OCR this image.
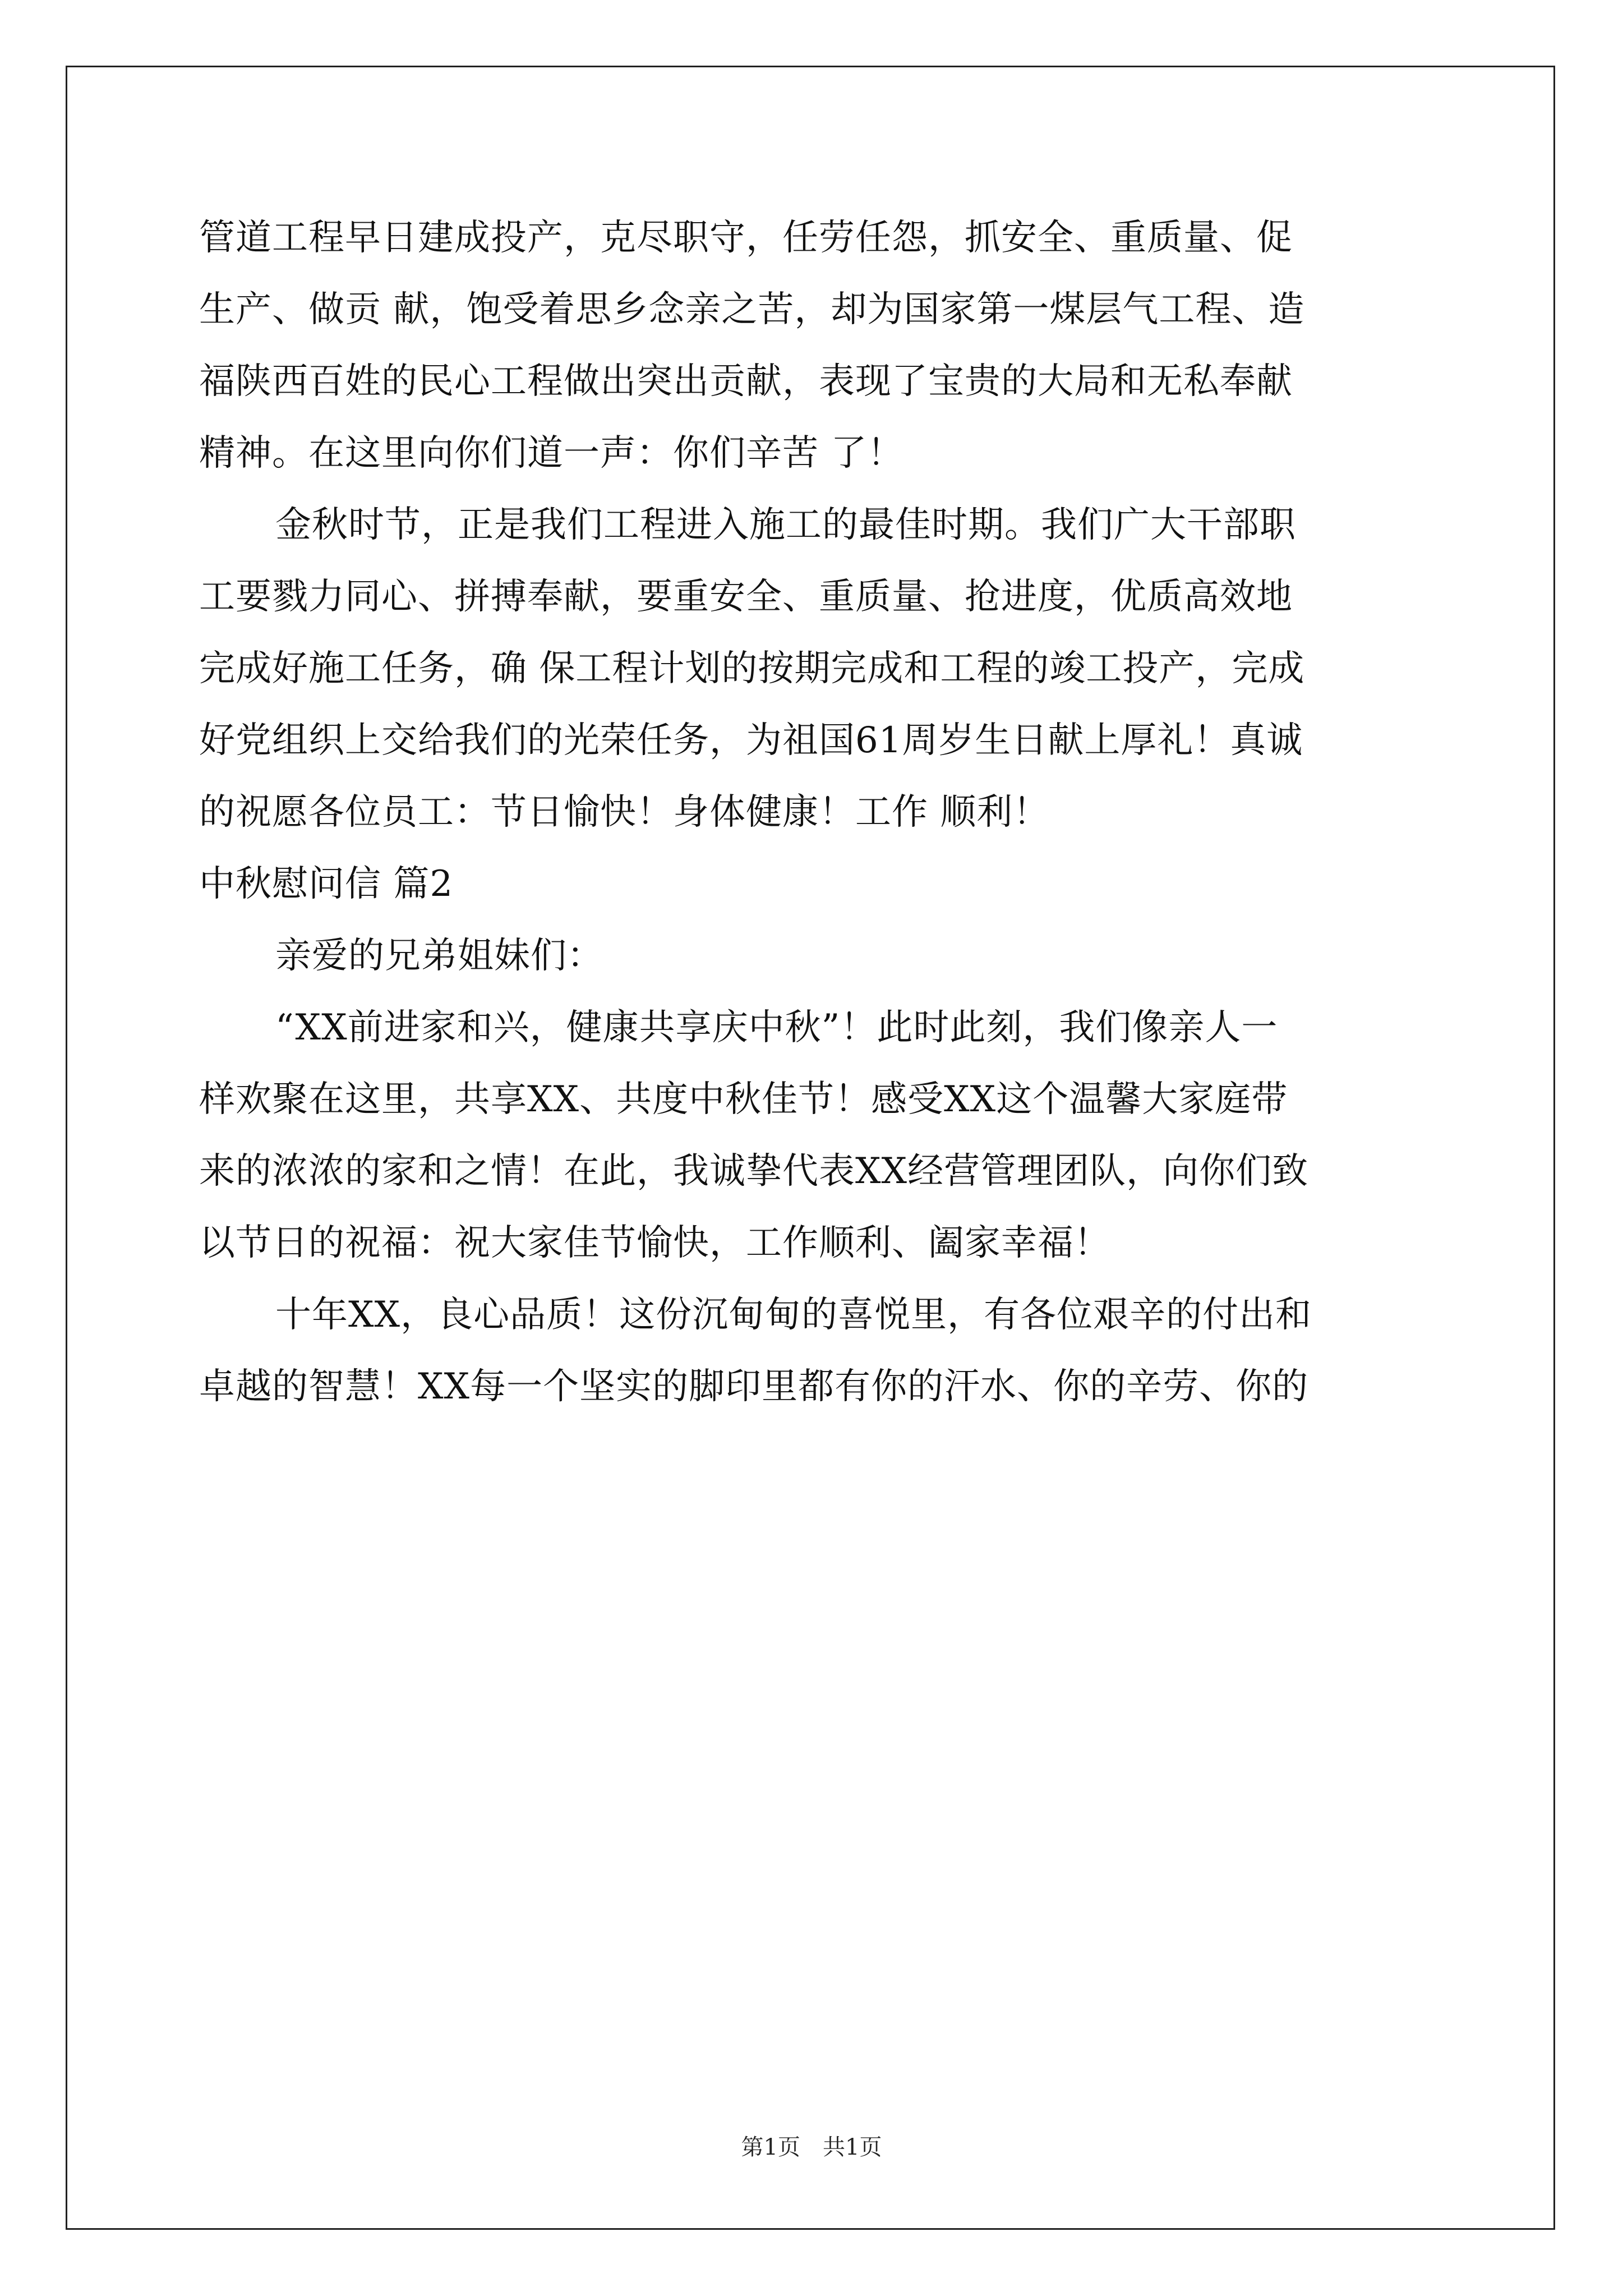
管道工程早日建成投产，克尽职守，任劳任怨，抓安全、重质量、促
生产、做贡 献，饱受着思乡念亲之苦，却为国家第一煤层气工程、造
福陕西百姓的民心工程做出突出贡献，表现了宝贵的大局和无私奉献
精神。在这里向你们道一声：你们辛苦 了！
金秋时节，正是我们工程进入施工的最佳时期。我们广大干部职
工要戮力同心、拼搏奉献，要重安全、重质量、抢进度，优质高效地
完成好施工任务，确 保工程计划的按期完成和工程的竣工投产，完成
好党组织上交给我们的光荣任务，为祖国61周岁生日献上厚礼！真诚
的祝愿各位员工：节日愉快！身体健康！工作 顺利！
中秋慰问信 篇2
亲爱的兄弟姐妹们：
“XX前进家和兴，健康共享庆中秋”！此时此刻，我们像亲人一
样欢聚在这里，共享XX、共度中秋佳节！感受XX这个温馨大家庭带
来的浓浓的家和之情！在此，我诚挚代表XX经营管理团队，向你们致
以节日的祝福：祝大家佳节愉快，工作顺利、阖家幸福！
十年XX，良心品质！这份沉甸甸的喜悦里，有各位艰辛的付出和
卓越的智慧！XX每一个坚实的脚印里都有你的汗水、你的辛劳、你的
第1页　共1页
